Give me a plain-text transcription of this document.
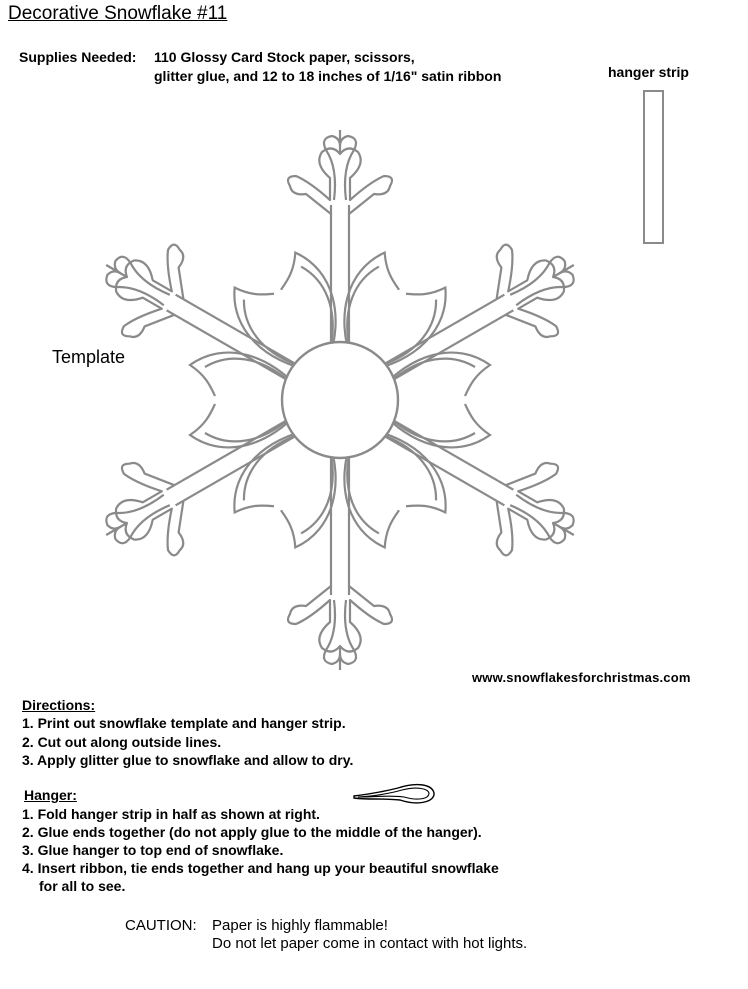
Decorative Snowflake #11
Supplies Needed: 110 Glossy Card Stock paper, scissors,
glitter glue, and 12 to 18 inches of 1/16" satin ribbon	hanger strip
Template
www.snowflakesforchristmas.com
Directions:
1. Print out snowflake template and hanger strip.
2. Cut out along outside lines.
3. Apply glitter glue to snowflake and allow to dry.
Hanger:
1. Fold hanger strip in half as shown at right.
2. Glue ends together (do not apply glue to the middle of the hanger).
3. Glue hanger to top end of snowflake.
4. Insert ribbon, tie ends together and hang up your beautiful snowflake
for all to see.
CAUTION: Paper is highly flammable!
Do not let paper come in contact with hot lights.
